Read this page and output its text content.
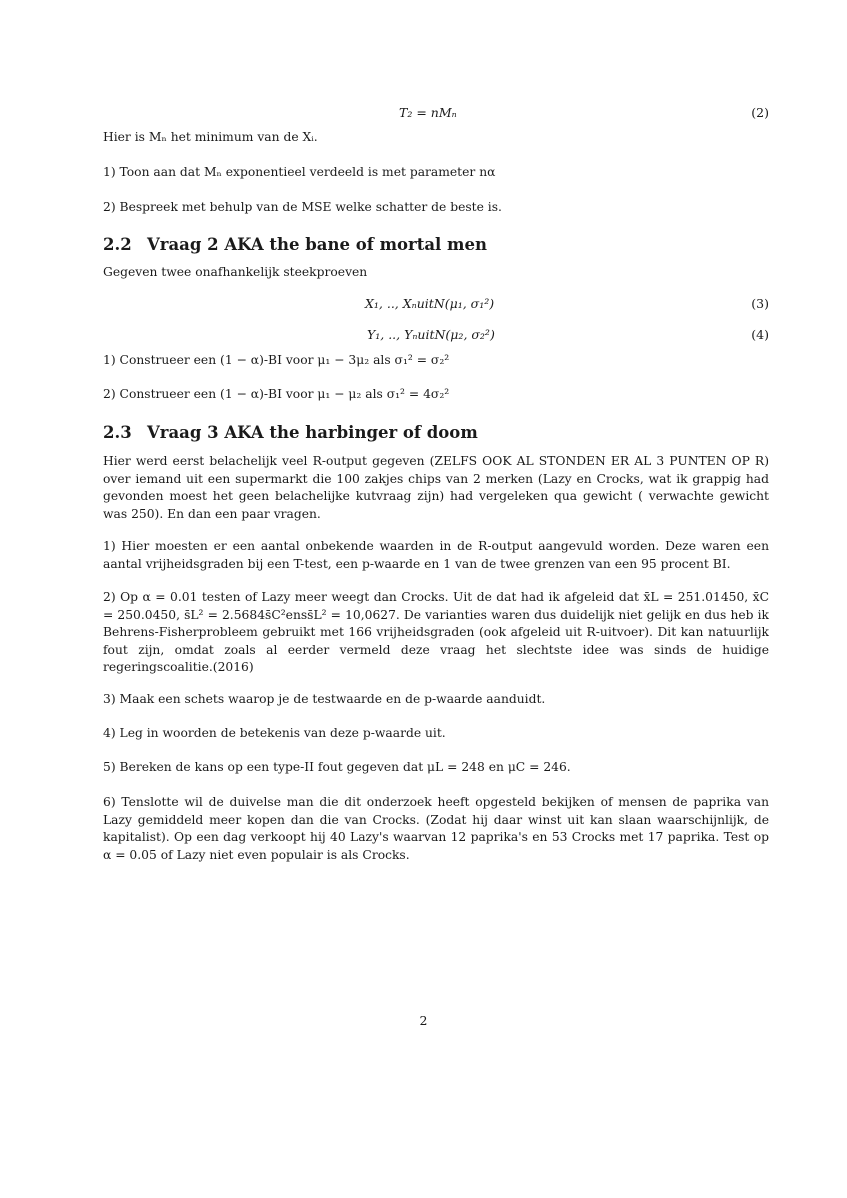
T₂ = nMₙ	(2)
Hier is Mₙ het minimum van de Xᵢ.
1) Toon aan dat Mₙ exponentieel verdeeld is met parameter nα
2) Bespreek met behulp van de MSE welke schatter de beste is.
2.2 Vraag 2 AKA the bane of mortal men
Gegeven twee onafhankelijk steekproeven
X₁, .., XₙuitN(μ₁, σ₁²)	(3)
Y₁, .., YₙuitN(μ₂, σ₂²)	(4)
1) Construeer een (1 − α)-BI voor μ₁ − 3μ₂ als σ₁² = σ₂²
2) Construeer een (1 − α)-BI voor μ₁ − μ₂ als σ₁² = 4σ₂²
2.3 Vraag 3 AKA the harbinger of doom
Hier werd eerst belachelijk veel R-output gegeven (ZELFS OOK AL STONDEN ER AL 3 PUNTEN OP R) over iemand uit een supermarkt die 100 zakjes chips van 2 merken (Lazy en Crocks, wat ik grappig had gevonden moest het geen belachelijke kutvraag zijn) had vergeleken qua gewicht ( verwachte gewicht was 250). En dan een paar vragen.
1) Hier moesten er een aantal onbekende waarden in de R-output aangevuld worden. Deze waren een aantal vrijheidsgraden bij een T-test, een p-waarde en 1 van de twee grenzen van een 95 procent BI.
2) Op α = 0.01 testen of Lazy meer weegt dan Crocks. Uit de dat had ik afgeleid dat x̄L = 251.01450, x̄C = 250.0450, s̄L² = 2.5684s̄C²enss̄L² = 10,0627. De varianties waren dus duidelijk niet gelijk en dus heb ik Behrens-Fisherprobleem gebruikt met 166 vrijheidsgraden (ook afgeleid uit R-uitvoer). Dit kan natuurlijk fout zijn, omdat zoals al eerder vermeld deze vraag het slechtste idee was sinds de huidige regeringscoalitie.(2016)
3) Maak een schets waarop je de testwaarde en de p-waarde aanduidt.
4) Leg in woorden de betekenis van deze p-waarde uit.
5) Bereken de kans op een type-II fout gegeven dat μL = 248 en μC = 246.
6) Tenslotte wil de duivelse man die dit onderzoek heeft opgesteld bekijken of mensen de paprika van Lazy gemiddeld meer kopen dan die van Crocks. (Zodat hij daar winst uit kan slaan waarschijnlijk, de kapitalist). Op een dag verkoopt hij 40 Lazy's waarvan 12 paprika's en 53 Crocks met 17 paprika. Test op α = 0.05 of Lazy niet even populair is als Crocks.
2
